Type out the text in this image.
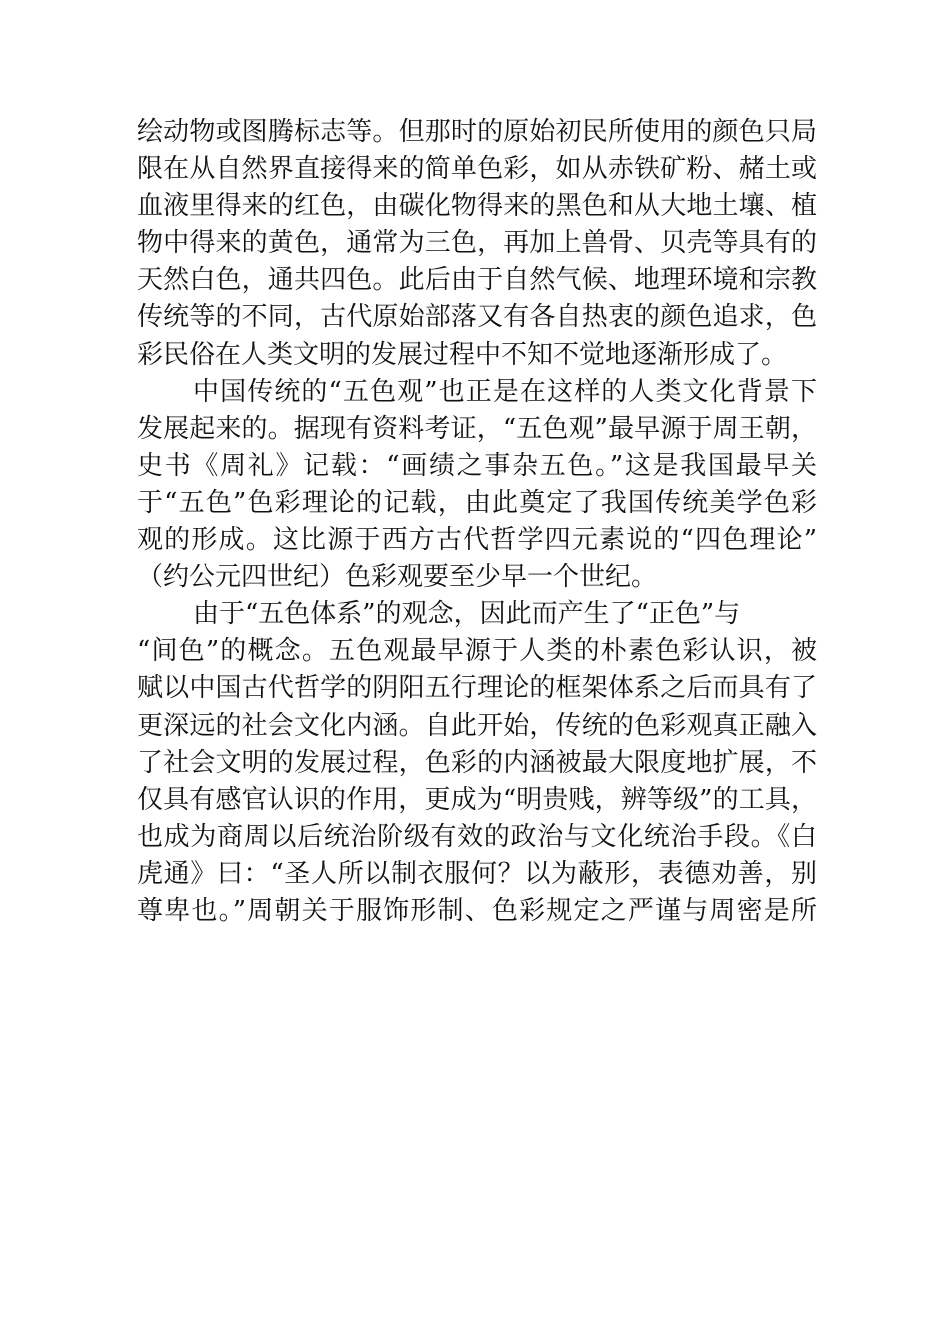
绘动物或图腾标志等。但那时的原始初民所使用的颜色只局
限在从自然界直接得来的简单色彩，如从赤铁矿粉、赭土或
血液里得来的红色，由碳化物得来的黑色和从大地土壤、植
物中得来的黄色，通常为三色，再加上兽骨、贝壳等具有的
天然白色，通共四色。此后由于自然气候、地理环境和宗教
传统等的不同，古代原始部落又有各自热衷的颜色追求，色
彩民俗在人类文明的发展过程中不知不觉地逐渐形成了。
中国传统的“五色观”也正是在这样的人类文化背景下
发展起来的。据现有资料考证，“五色观”最早源于周王朝，
史书《周礼》记载：“画绩之事杂五色。”这是我国最早关
于“五色”色彩理论的记载，由此奠定了我国传统美学色彩
观的形成。这比源于西方古代哲学四元素说的“四色理论”
（约公元四世纪）色彩观要至少早一个世纪。
由于“五色体系”的观念，因此而产生了“正色”与
“间色”的概念。五色观最早源于人类的朴素色彩认识，被
赋以中国古代哲学的阴阳五行理论的框架体系之后而具有了
更深远的社会文化内涵。自此开始，传统的色彩观真正融入
了社会文明的发展过程，色彩的内涵被最大限度地扩展，不
仅具有感官认识的作用，更成为“明贵贱，辨等级”的工具，
也成为商周以后统治阶级有效的政治与文化统治手段。《白
虎通》曰：“圣人所以制衣服何？以为蔽形，表德劝善，别
尊卑也。”周朝关于服饰形制、色彩规定之严谨与周密是所
